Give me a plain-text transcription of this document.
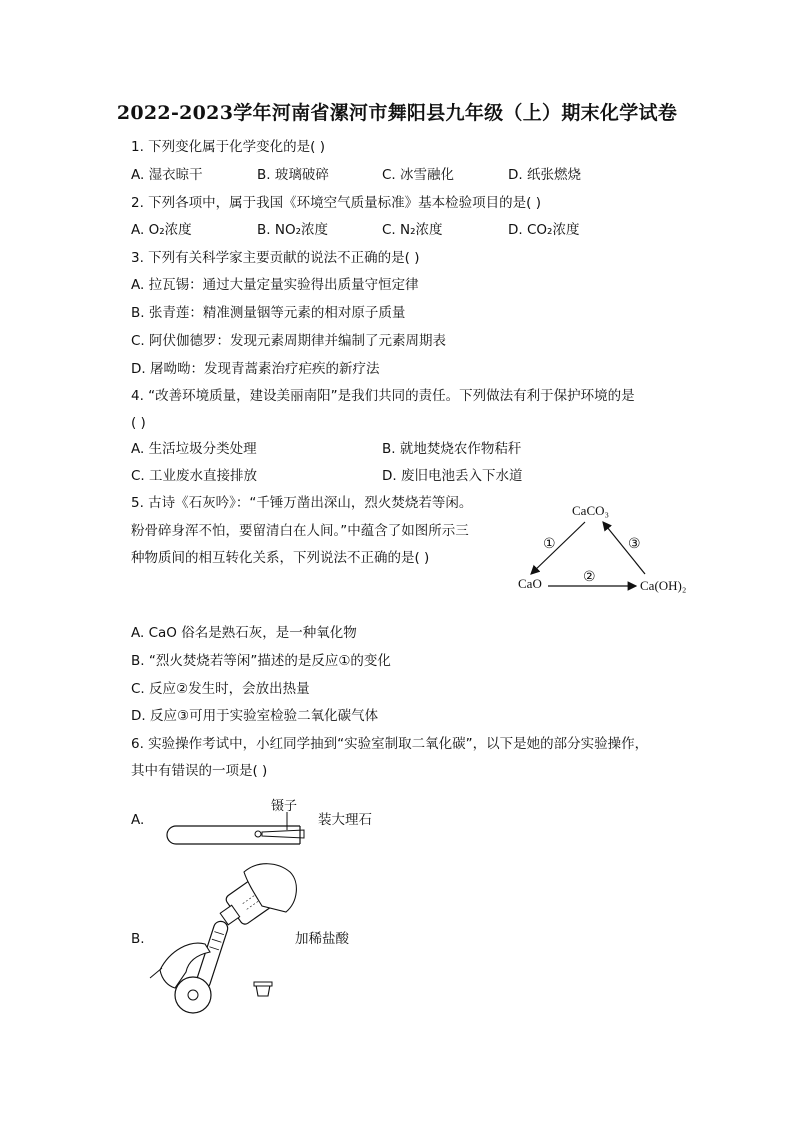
2022-2023学年河南省漯河市舞阳县九年级（上）期末化学试卷
1. 下列变化属于化学变化的是( )
A. 湿衣晾干	B. 玻璃破碎	C. 冰雪融化	D. 纸张燃烧
2. 下列各项中，属于我国《环境空气质量标准》基本检验项目的是( )
A. O₂浓度	B. NO₂浓度	C. N₂浓度	D. CO₂浓度
3. 下列有关科学家主要贡献的说法不正确的是( )
A. 拉瓦锡：通过大量定量实验得出质量守恒定律
B. 张青莲：精准测量铟等元素的相对原子质量
C. 阿伏伽德罗：发现元素周期律并编制了元素周期表
D. 屠呦呦：发现青蒿素治疗疟疾的新疗法
4. “改善环境质量，建设美丽南阳”是我们共同的责任。下列做法有利于保护环境的是
( )
A. 生活垃圾分类处理	B. 就地焚烧农作物秸秆
C. 工业废水直接排放	D. 废旧电池丢入下水道
5. 古诗《石灰吟》：“千锤万凿出深山，烈火焚烧若等闲。
粉骨碎身浑不怕，要留清白在人间。”中蕴含了如图所示三
种物质间的相互转化关系，下列说法不正确的是( )
CaCO₃
CaO	Ca(OH)₂
①
②
③
A. CaO 俗名是熟石灰，是一种氧化物
B. “烈火焚烧若等闲”描述的是反应①的变化
C. 反应②发生时，会放出热量
D. 反应③可用于实验室检验二氧化碳气体
6. 实验操作考试中，小红同学抽到“实验室制取二氧化碳”，以下是她的部分实验操作，
其中有错误的一项是( )
A.
镊子
装大理石
B.	加稀盐酸
